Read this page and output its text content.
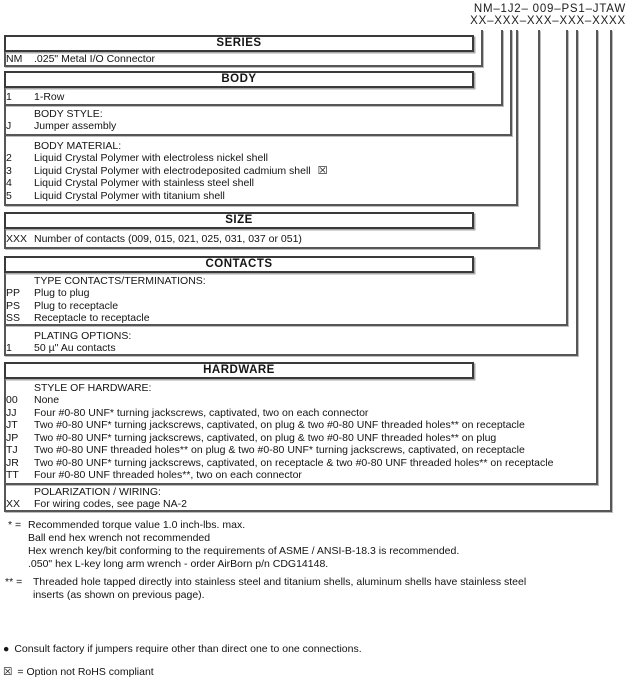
NM–1J2– 009–PS1–JTAW
XX–XXX–XXX–XXX–XXXX
SERIES
BODY
SIZE
CONTACTS
HARDWARE
NM	.025" Metal I/O Connector
1	1-Row
BODY STYLE:
J	Jumper assembly
BODY MATERIAL:
2	Liquid Crystal Polymer with electroless nickel shell
3	Liquid Crystal Polymer with electrodeposited cadmium shell ☒
4	Liquid Crystal Polymer with stainless steel shell
5	Liquid Crystal Polymer with titanium shell
XXX Number of contacts (009, 015, 021, 025, 031, 037 or 051)
TYPE CONTACTS/TERMINATIONS:
PP	Plug to plug
PS	Plug to receptacle
SS	Receptacle to receptacle
PLATING OPTIONS:
1	50 µ" Au contacts
STYLE OF HARDWARE:
00	None
JJ	Four #0-80 UNF* turning jackscrews, captivated, two on each connector
JT	Two #0-80 UNF* turning jackscrews, captivated, on plug & two #0-80 UNF threaded holes** on receptacle
JP	Two #0-80 UNF* turning jackscrews, captivated, on plug & two #0-80 UNF threaded holes** on plug
TJ	Two #0-80 UNF threaded holes** on plug & two #0-80 UNF* turning jackscrews, captivated, on receptacle
JR	Two #0-80 UNF* turning jackscrews, captivated, on receptacle & two #0-80 UNF threaded holes** on receptacle
TT	Four #0-80 UNF threaded holes**, two on each connector
POLARIZATION / WIRING:
XX	For wiring codes, see page NA-2
* = Recommended torque value 1.0 inch-lbs. max.
Ball end hex wrench not recommended
Hex wrench key/bit conforming to the requirements of ASME / ANSI-B-18.3 is recommended.
.050" hex L-key long arm wrench - order AirBorn p/n CDG14148.
** =	Threaded hole tapped directly into stainless steel and titanium shells, aluminum shells have stainless steel
inserts (as shown on previous page).
● Consult factory if jumpers require other than direct one to one connections.
☒ = Option not RoHS compliant
